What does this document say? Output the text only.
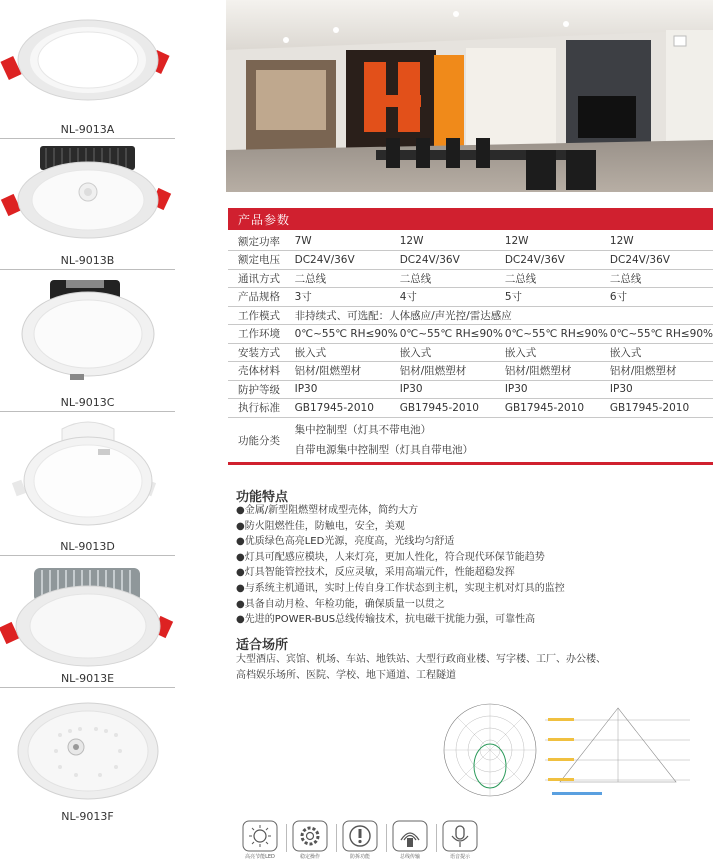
NL-9013A
NL-9013B
NL-9013C
NL-9013D
NL-9013E
NL-9013F
产品参数
额定功率	7W	12W	12W	12W
额定电压	DC24V/36V	DC24V/36V	DC24V/36V	DC24V/36V
通讯方式	二总线	二总线	二总线	二总线
产品规格	3寸	4寸	5寸	6寸
工作模式	非持续式、可选配：人体感应/声光控/雷达感应			
工作环境	0℃~55℃ RH≤90%	0℃~55℃ RH≤90%	0℃~55℃ RH≤90%	0℃~55℃ RH≤90%
安装方式	嵌入式	嵌入式	嵌入式	嵌入式
壳体材料	铝材/阻燃塑材	铝材/阻燃塑材	铝材/阻燃塑材	铝材/阻燃塑材
防护等级	IP30	IP30	IP30	IP30
执行标准	GB17945-2010	GB17945-2010	GB17945-2010	GB17945-2010
功能分类	集中控制型（灯具不带电池）
自带电源集中控制型（灯具自带电池）			
功能特点
●金属/新型阻燃塑材成型壳体，简约大方
●防火阻燃性佳，防触电，安全，美观
●优质绿色高亮LED光源，亮度高，光线均匀舒适
●灯具可配感应模块，人来灯亮，更加人性化，符合现代环保节能趋势
●灯具智能管控技术，反应灵敏，采用高端元件，性能超稳发挥
●与系统主机通讯，实时上传自身工作状态到主机，实现主机对灯具的监控
●具备自动月检、年检功能，确保质量一以贯之
●先进的POWER-BUS总线传输技术，抗电磁干扰能力强，可靠性高
适合场所
大型酒店、宾馆、机场、车站、地铁站、大型行政商业楼、写字楼、工厂、办公楼、
高档娱乐场所、医院、学校、地下通道、工程隧道
高亮节能LED	稳定操作	防拆功能	总线传输	语音提示
